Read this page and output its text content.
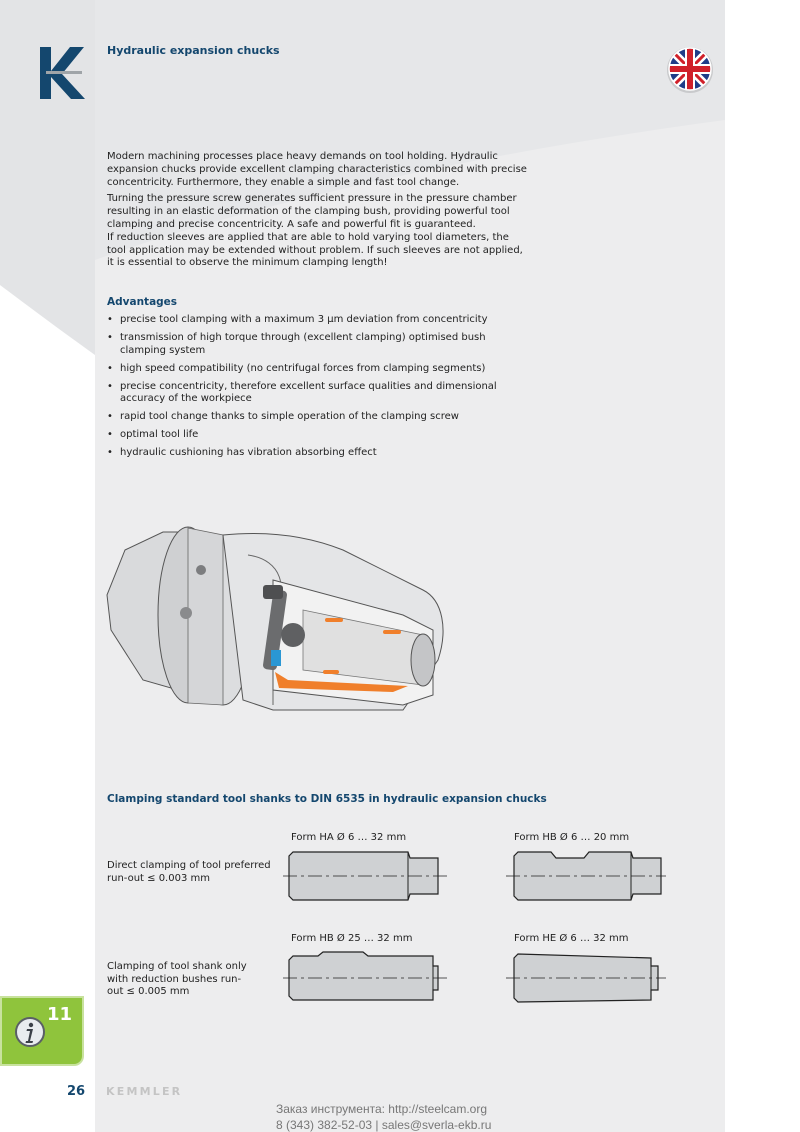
Hydraulic expansion chucks

Modern machining processes place heavy demands on tool holding. Hydraulic expansion chucks provide excellent clamping characteristics combined with precise concentricity. Furthermore, they enable a simple and fast tool change.

Turning the pressure screw generates sufficient pressure in the pressure chamber resulting in an elastic deformation of the clamping bush, providing powerful tool clamping and precise concentricity. A safe and powerful fit is guaranteed.

If reduction sleeves are applied that are able to hold varying tool diameters, the tool application may be extended without problem. If such sleeves are not applied, it is essential to observe the minimum clamping length!

Advantages
• precise tool clamping with a maximum 3 µm deviation from concentricity
• transmission of high torque through (excellent clamping) optimised bush clamping system
• high speed compatibility (no centrifugal forces from clamping segments)
• precise concentricity, therefore excellent surface qualities and dimensional accuracy of the workpiece
• rapid tool change thanks to simple operation of the clamping screw
• optimal tool life
• hydraulic cushioning has vibration absorbing effect
Clamping standard tool shanks to DIN 6535 in hydraulic expansion chucks
Form HA Ø 6 … 32 mm	Form HB Ø 6 … 20 mm
Form HB Ø 25 … 32 mm	Form HE Ø 6 … 32 mm
Direct clamping of tool preferred run-out ≤ 0.003 mm
Clamping of tool shank only with reduction bushes run-out ≤ 0.005 mm
11
26 KEMMLER
Заказ инструмента: http://steelcam.org
8 (343) 382-52-03 | sales@sverla-ekb.ru
